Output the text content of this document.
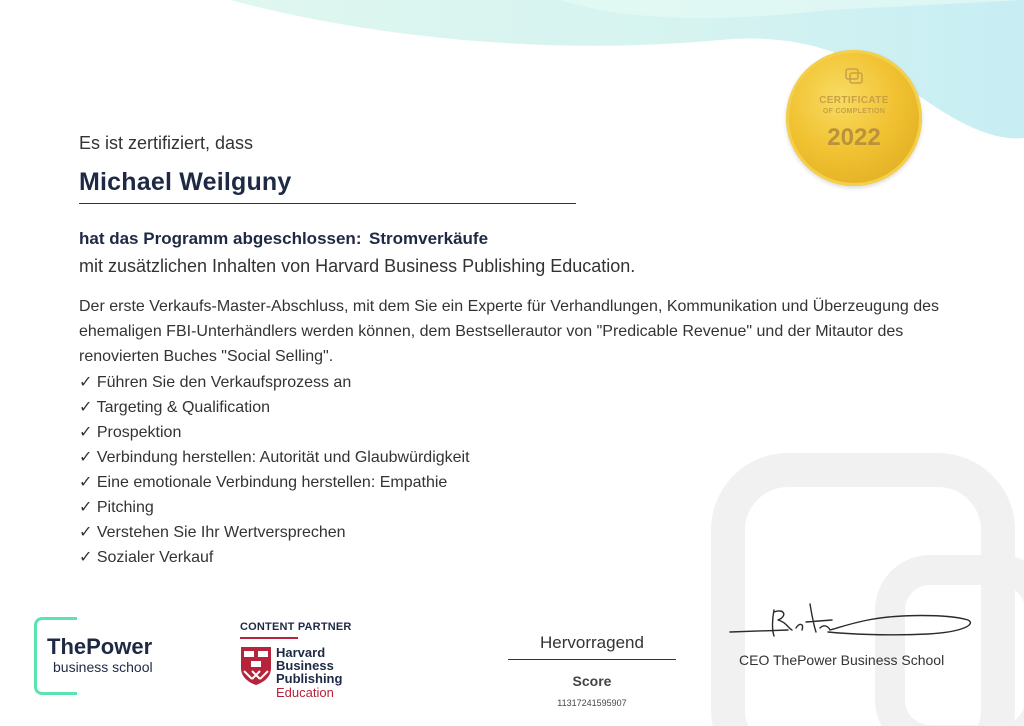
Es ist zertifiziert, dass
Michael Weilguny
hat das Programm abgeschlossen: Stromverkäufe
mit zusätzlichen Inhalten von Harvard Business Publishing Education.
Der erste Verkaufs-Master-Abschluss, mit dem Sie ein Experte für Verhandlungen, Kommunikation und Überzeugung des ehemaligen FBI-Unterhändlers werden können, dem Bestsellerautor von "Predicable Revenue" und der Mitautor des renovierten Buches "Social Selling".
✓ Führen Sie den Verkaufsprozess an
✓ Targeting & Qualification
✓ Prospektion
✓ Verbindung herstellen: Autorität und Glaubwürdigkeit
✓ Eine emotionale Verbindung herstellen: Empathie
✓ Pitching
✓ Verstehen Sie Ihr Wertversprechen
✓ Sozialer Verkauf
CERTIFICATE
OF COMPLETION
2022
ThePower
business school
CONTENT PARTNER
Harvard
Business
Publishing
Education
Hervorragend
Score
11317241595907
CEO ThePower Business School
